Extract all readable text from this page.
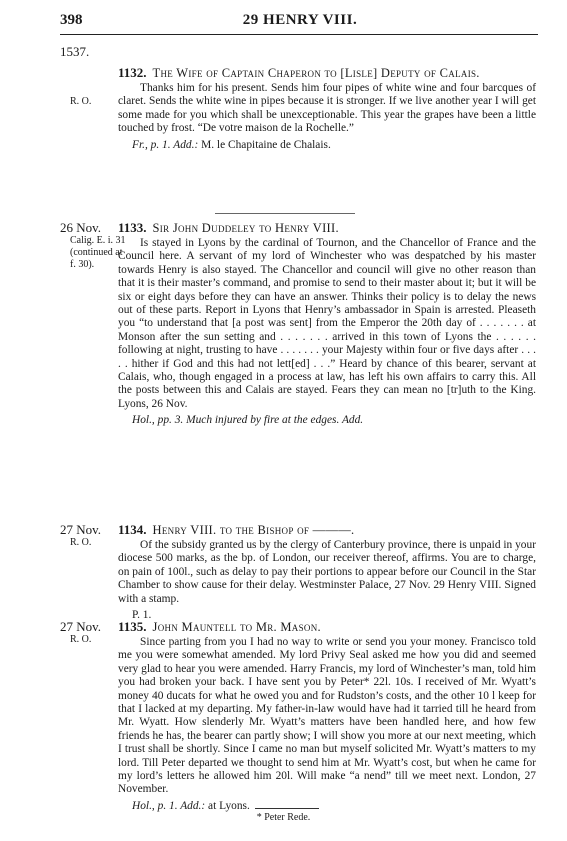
398	29 HENRY VIII.
1537.
R. O.

1132. The Wife of Captain Chaperon to [Lisle] Deputy of Calais.

Thanks him for his present. Sends him four pipes of white wine and four barcques of claret. Sends the white wine in pipes because it is stronger. If we live another year I will get some made for you which shall be unexceptionable. This year the grapes have been a little touched by frost. “De votre maison de la Rochelle.”

Fr., p. 1. Add.: M. le Chapitaine de Chalais.

26 Nov.
Calig. E. i. 31 (continued at f. 30).

1133. Sir John Duddeley to Henry VIII.

Is stayed in Lyons by the cardinal of Tournon, and the Chancellor of France and the Council here. A servant of my lord of Winchester who was despatched by his master towards Henry is also stayed. The Chancellor and council will give no other reason than that it is their master’s command, and promise to send to their master about it; but it will be six or eight days before they can have an answer. Thinks their policy is to delay the news out of these parts. Report in Lyons that Henry’s ambassador in Spain is arrested. Pleaseth you “to understand that [a post was sent] from the Emperor the 20th day of . . . . . . . at Monson after the sun setting and . . . . . . . arrived in this town of Lyons the . . . . . . following at night, trusting to have . . . . . . . your Majesty within four or five days after . . . . . hither if God and this had not lett[ed] . . .” Heard by chance of this bearer, servant at Calais, who, though engaged in a process at law, has left his own affairs to carry this. All the posts between this and Calais are stayed. Fears they can mean no [tr]uth to the King. Lyons, 26 Nov.

Hol., pp. 3. Much injured by fire at the edges. Add.

27 Nov.
R. O.

1134. Henry VIII. to the Bishop of ———.

Of the subsidy granted us by the clergy of Canterbury province, there is unpaid in your diocese 500 marks, as the bp. of London, our receiver thereof, affirms. You are to charge, on pain of 100l., such as delay to pay their portions to appear before our Council in the Star Chamber to show cause for their delay. Westminster Palace, 27 Nov. 29 Henry VIII. Signed with a stamp.

P. 1.

27 Nov.
R. O.

1135. John Mauntell to Mr. Mason.

Since parting from you I had no way to write or send you your money. Francisco told me you were somewhat amended. My lord Privy Seal asked me how you did and seemed very glad to hear you were amended. Harry Francis, my lord of Winchester’s man, told him you had broken your back. I have sent you by Peter* 22l. 10s. I received of Mr. Wyatt’s money 40 ducats for what he owed you and for Rudston’s costs, and the other 10 l keep for that I lacked at my departing. My father-in-law would have had it tarried till he heard from Mr. Wyatt. How slenderly Mr. Wyatt’s matters have been handled here, and how few friends he has, the bearer can partly show; I will show you more at our next meeting, which I trust shall be shortly. Since I came no man but myself solicited Mr. Wyatt’s matters to my lord. Till Peter departed we thought to send him at Mr. Wyatt’s cost, but when he came for my lord’s letters he allowed him 20l. Will make “a nend” till we meet next. London, 27 November.

Hol., p. 1. Add.: at Lyons.

* Peter Rede.
